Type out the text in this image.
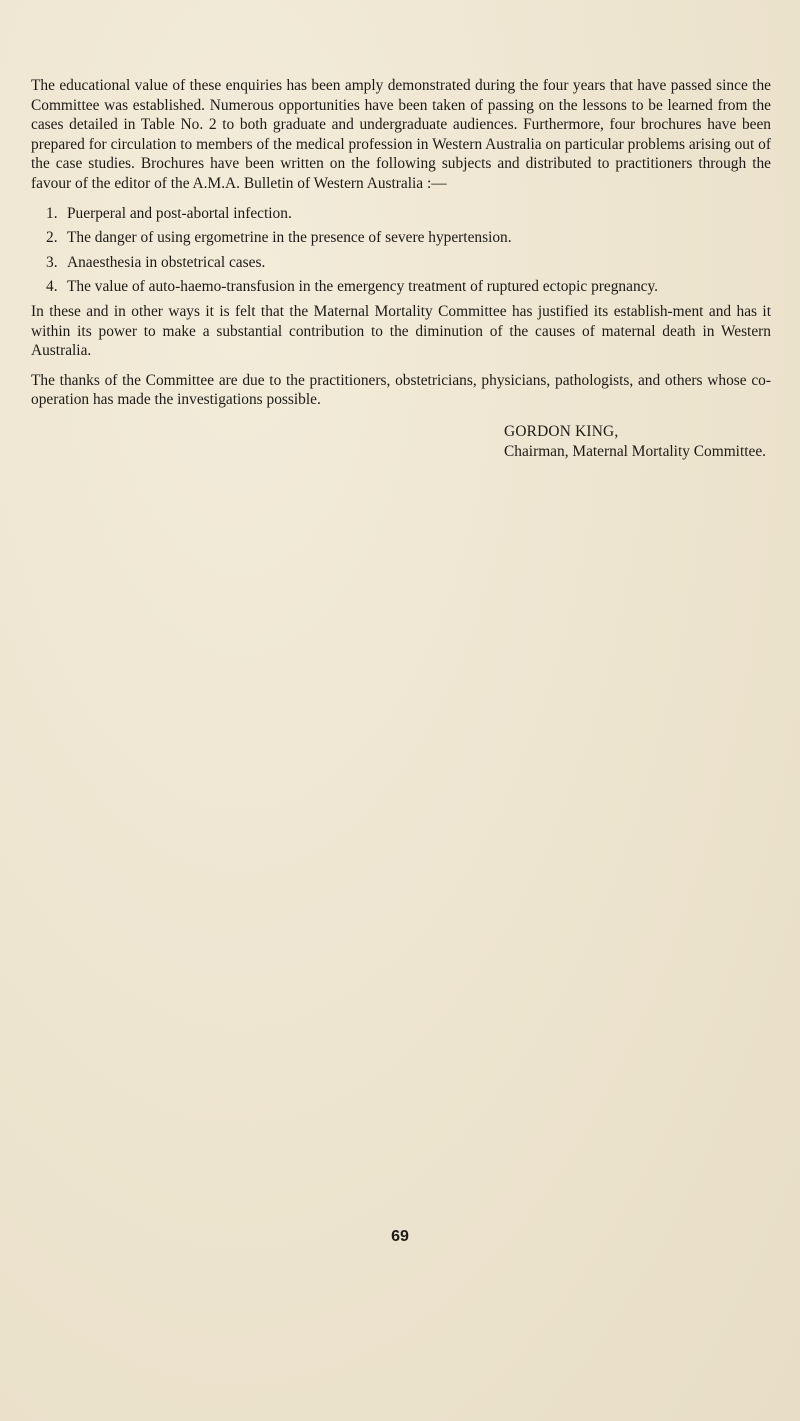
The educational value of these enquiries has been amply demonstrated during the four years that have passed since the Committee was established. Numerous opportunities have been taken of passing on the lessons to be learned from the cases detailed in Table No. 2 to both graduate and undergraduate audiences. Furthermore, four brochures have been prepared for circulation to members of the medical profession in Western Australia on particular problems arising out of the case studies. Brochures have been written on the following subjects and distributed to practitioners through the favour of the editor of the A.M.A. Bulletin of Western Australia :—

1. Puerperal and post-abortal infection.
2. The danger of using ergometrine in the presence of severe hypertension.
3. Anaesthesia in obstetrical cases.
4. The value of auto-haemo-transfusion in the emergency treatment of ruptured ectopic pregnancy.

In these and in other ways it is felt that the Maternal Mortality Committee has justified its establish-ment and has it within its power to make a substantial contribution to the diminution of the causes of maternal death in Western Australia.

The thanks of the Committee are due to the practitioners, obstetricians, physicians, pathologists, and others whose co-operation has made the investigations possible.

GORDON KING,
Chairman, Maternal Mortality Committee.
69
